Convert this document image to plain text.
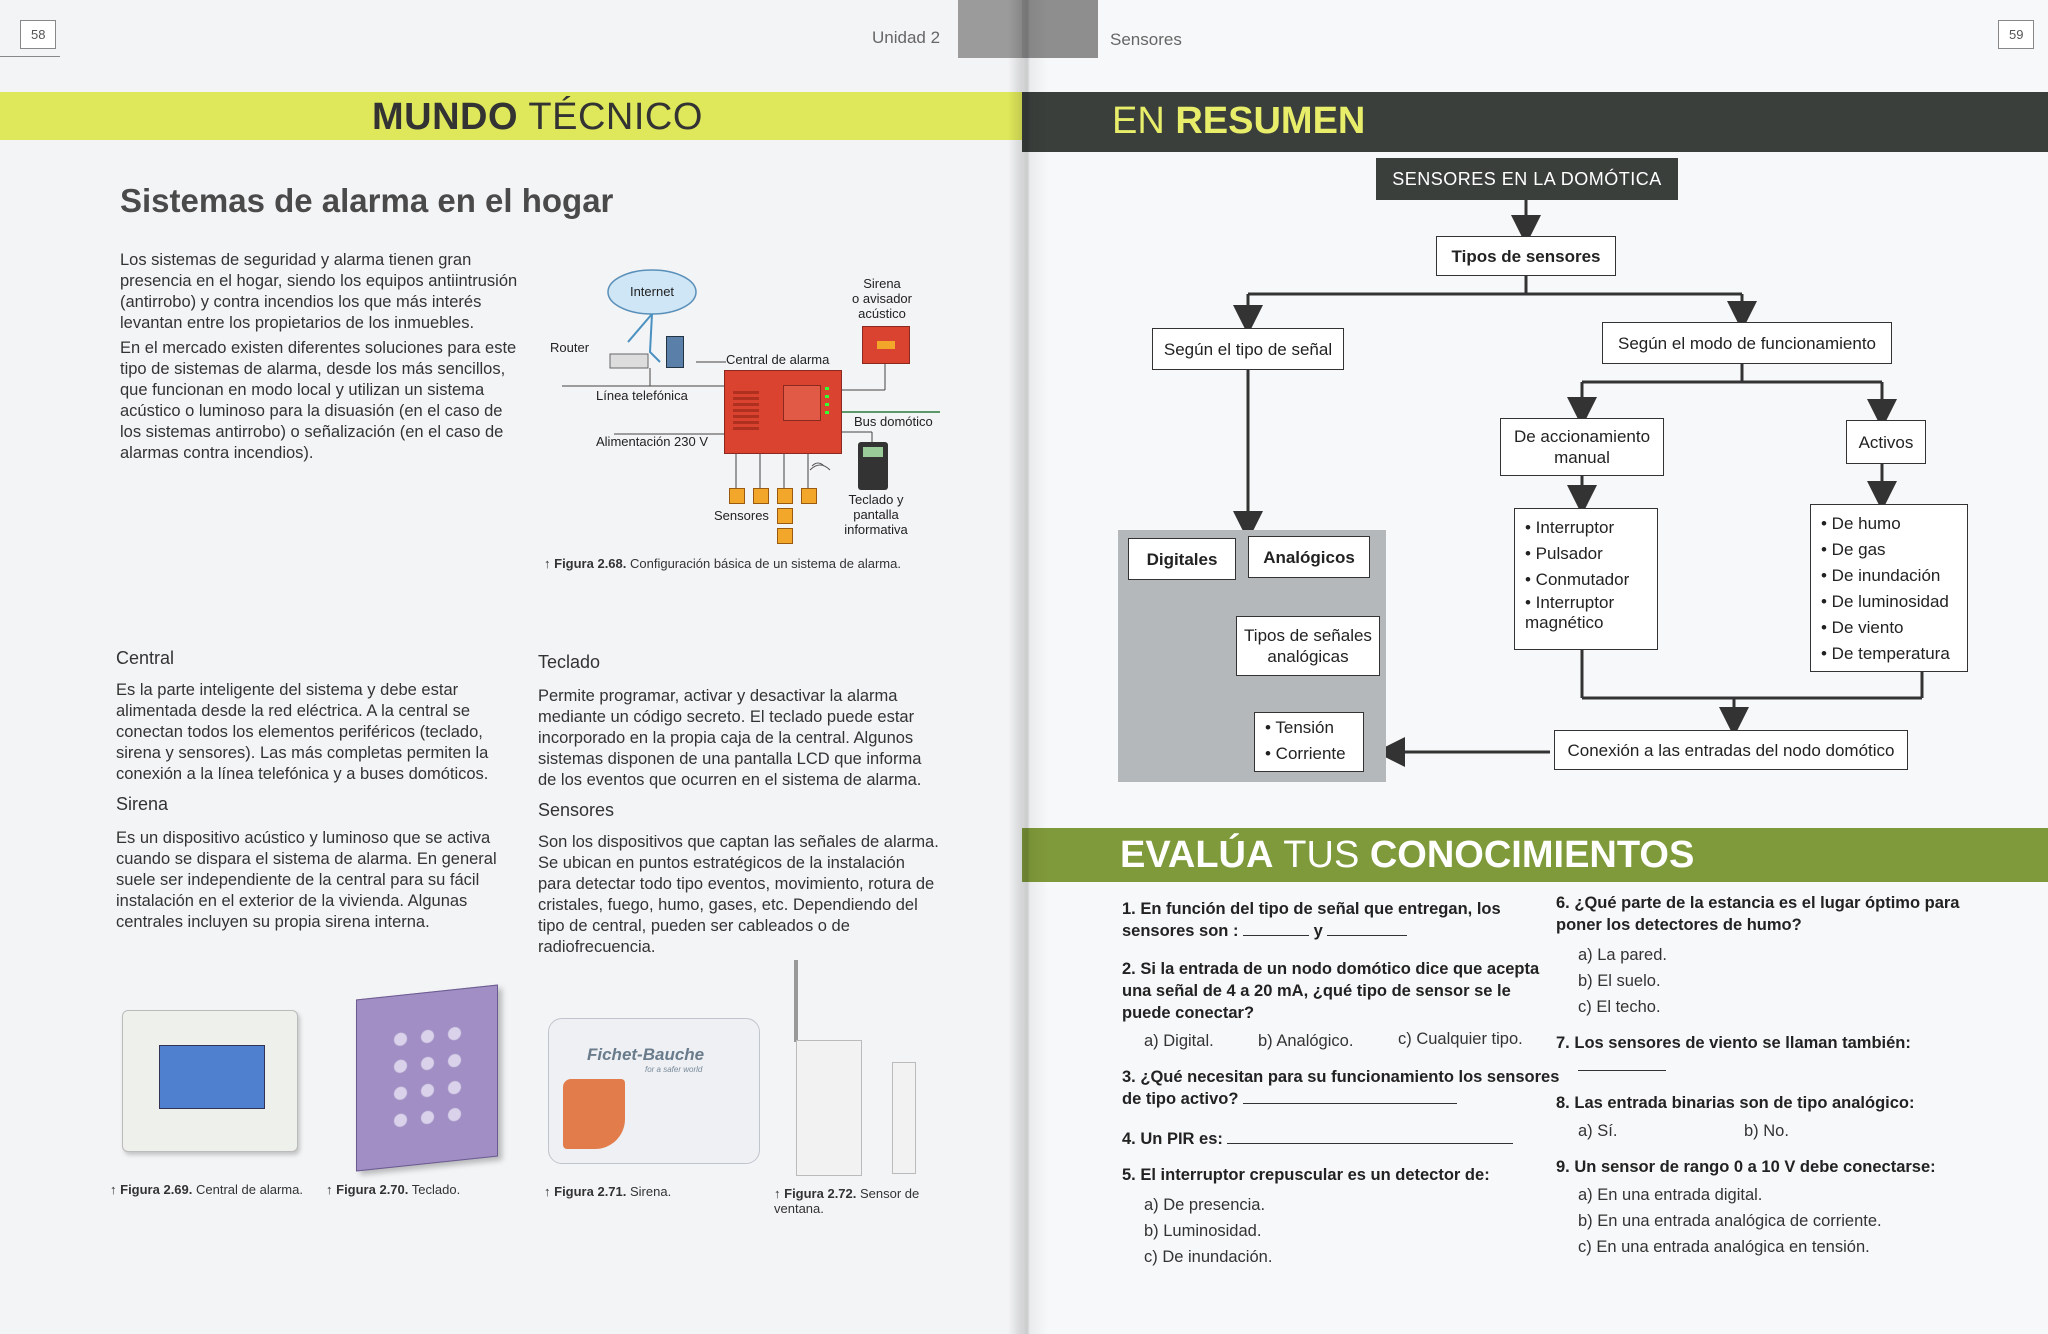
58	Unidad 2
MUNDO TÉCNICO
Sistemas de alarma en el hogar

Los sistemas de seguridad y alarma tienen gran presencia en el hogar, siendo los equipos antiintrusión (antirrobo) y contra incendios los que más interés levantan entre los propietarios de los inmuebles.

En el mercado existen diferentes soluciones para este tipo de sistemas de alarma, desde los más sencillos, que funcionan en modo local y utilizan un sistema acústico o luminoso para la disuasión (en el caso de los sistemas antirrobo) o señalización (en el caso de alarmas contra incendios).

Internet
Router
Línea telefónica
Alimentación 230 V
Central de alarma
Sirena
o avisador
acústico
Bus domótico
Teclado y
pantalla
informativa
Sensores
↑ Figura 2.68. Configuración básica de un sistema de alarma.
Central
Es la parte inteligente del sistema y debe estar alimentada desde la red eléctrica. A la central se conectan todos los elementos periféricos (teclado, sirena y sensores). Las más completas permiten la conexión a la línea telefónica y a buses domóticos.
Sirena
Es un dispositivo acústico y luminoso que se activa cuando se dispara el sistema de alarma. En general suele ser independiente de la central para su fácil instalación en el exterior de la vivienda. Algunas centrales incluyen su propia sirena interna.
Teclado
Permite programar, activar y desactivar la alarma mediante un código secreto. El teclado puede estar incorporado en la propia caja de la central. Algunos sistemas disponen de una pantalla LCD que informa de los eventos que ocurren en el sistema de alarma.
Sensores
Son los dispositivos que captan las señales de alarma. Se ubican en puntos estratégicos de la instalación para detectar todo tipo eventos, movimiento, rotura de cristales, fuego, humo, gases, etc. Dependiendo del tipo de central, pueden ser cableados o de radiofrecuencia.
Fichet-Bauche
for a safer world
↑ Figura 2.69. Central de alarma.	↑ Figura 2.70. Teclado.	↑ Figura 2.71. Sirena.	↑ Figura 2.72. Sensor de ventana.
Sensores	59
EN RESUMEN
SENSORES EN LA DOMÓTICA
Tipos de sensores
Según el tipo de señal	Según el modo de funcionamiento
De accionamiento manual
Activos
Digitales	Analógicos
Tipos de señales analógicas
• Tensión
• Corriente
• Interruptor
• Pulsador
• Conmutador
• Interruptor magnético
• De humo
• De gas
• De inundación
• De luminosidad
• De viento
• De temperatura
Conexión a las entradas del nodo domótico
EVALÚA TUS CONOCIMIENTOS
1. En función del tipo de señal que entregan, los sensores son :	y
2. Si la entrada de un nodo domótico dice que acepta una señal de 4 a 20 mA, ¿qué tipo de sensor se le puede conectar?
a) Digital.	b) Analógico.	c) Cualquier tipo.
3. ¿Qué necesitan para su funcionamiento los sensores de tipo activo?
4. Un PIR es:
5. El interruptor crepuscular es un detector de:
a) De presencia.
b) Luminosidad.
c) De inundación.
6. ¿Qué parte de la estancia es el lugar óptimo para poner los detectores de humo?
a) La pared.
b) El suelo.
c) El techo.
7. Los sensores de viento se llaman también:
8. Las entrada binarias son de tipo analógico:
a) Sí.	b) No.
9. Un sensor de rango 0 a 10 V debe conectarse:
a) En una entrada digital.
b) En una entrada analógica de corriente.
c) En una entrada analógica en tensión.
